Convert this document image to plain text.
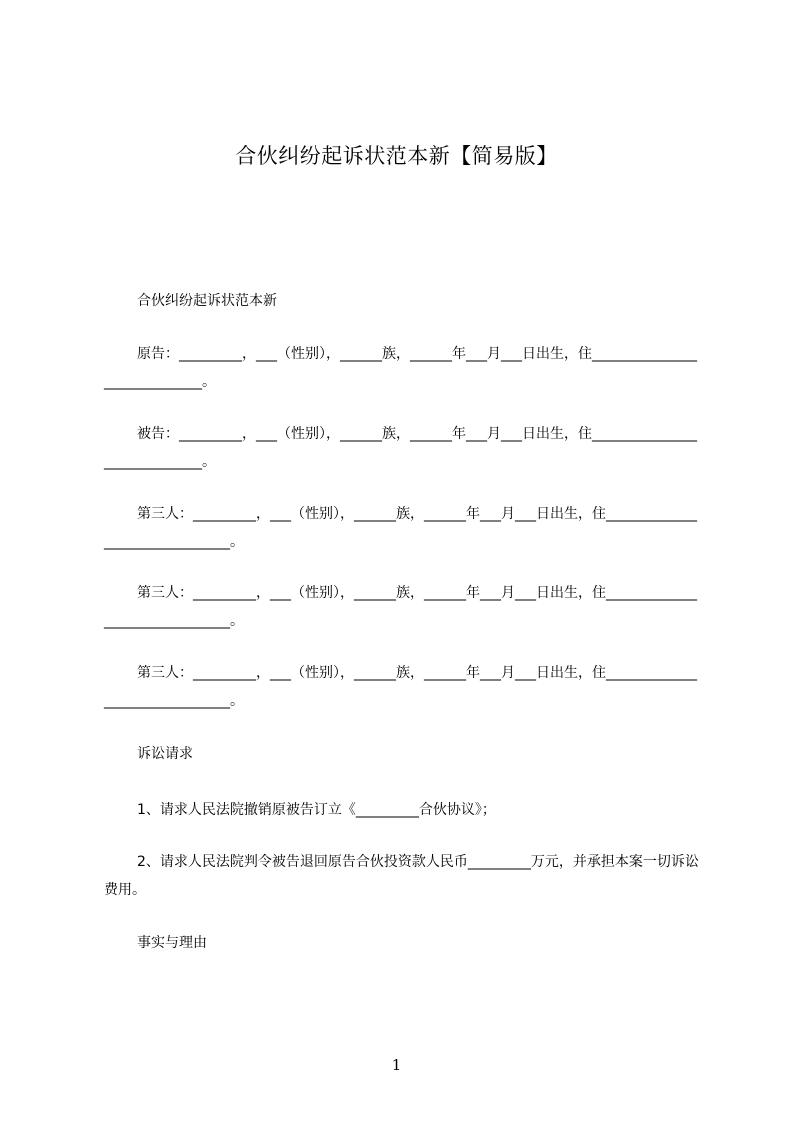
合伙纠纷起诉状范本新【简易版】
合伙纠纷起诉状范本新
原告：_________，___（性别），______族，______年___月___日出生，住_____________________________。
被告：_________，___（性别），______族，______年___月___日出生，住_____________________________。
第三人：_________，___（性别），______族，______年___月___日出生，住_______________________________。
第三人：_________，___（性别），______族，______年___月___日出生，住_______________________________。
第三人：_________，___（性别），______族，______年___月___日出生，住_______________________________。
诉讼请求
1、请求人民法院撤销原被告订立《_________合伙协议》；
2、请求人民法院判令被告退回原告合伙投资款人民币_________万元，并承担本案一切诉讼费用。
事实与理由
1
